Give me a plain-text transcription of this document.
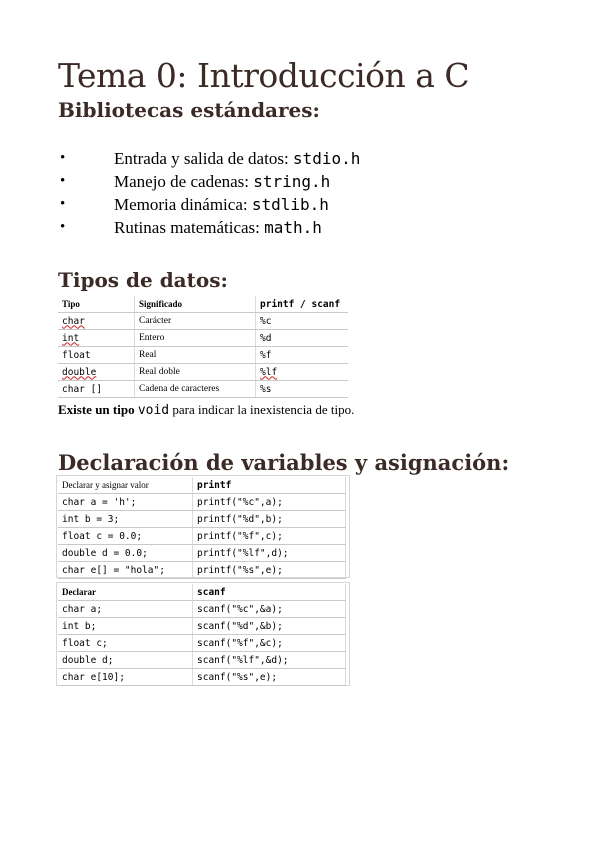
Tema 0: Introducción a C
Bibliotecas estándares:
•	Entrada y salida de datos: stdio.h
•	Manejo de cadenas: string.h
•	Memoria dinámica: stdlib.h
•	Rutinas matemáticas: math.h
Tipos de datos:
Tipo	Significado	printf / scanf
char	Carácter	%c
int	Entero	%d
float	Real	%f
double	Real doble	%lf
char []	Cadena de caracteres	%s
Existe un tipo void para indicar la inexistencia de tipo.
Declaración de variables y asignación:
Declarar y asignar valor	printf
char a = 'h';	printf("%c",a);
int b = 3;	printf("%d",b);
float c = 0.0;	printf("%f",c);
double d = 0.0;	printf("%lf",d);
char e[] = "hola";	printf("%s",e);
Declarar	scanf
char a;	scanf("%c",&a);
int b;	scanf("%d",&b);
float c;	scanf("%f",&c);
double d;	scanf("%lf",&d);
char e[10];	scanf("%s",e);
